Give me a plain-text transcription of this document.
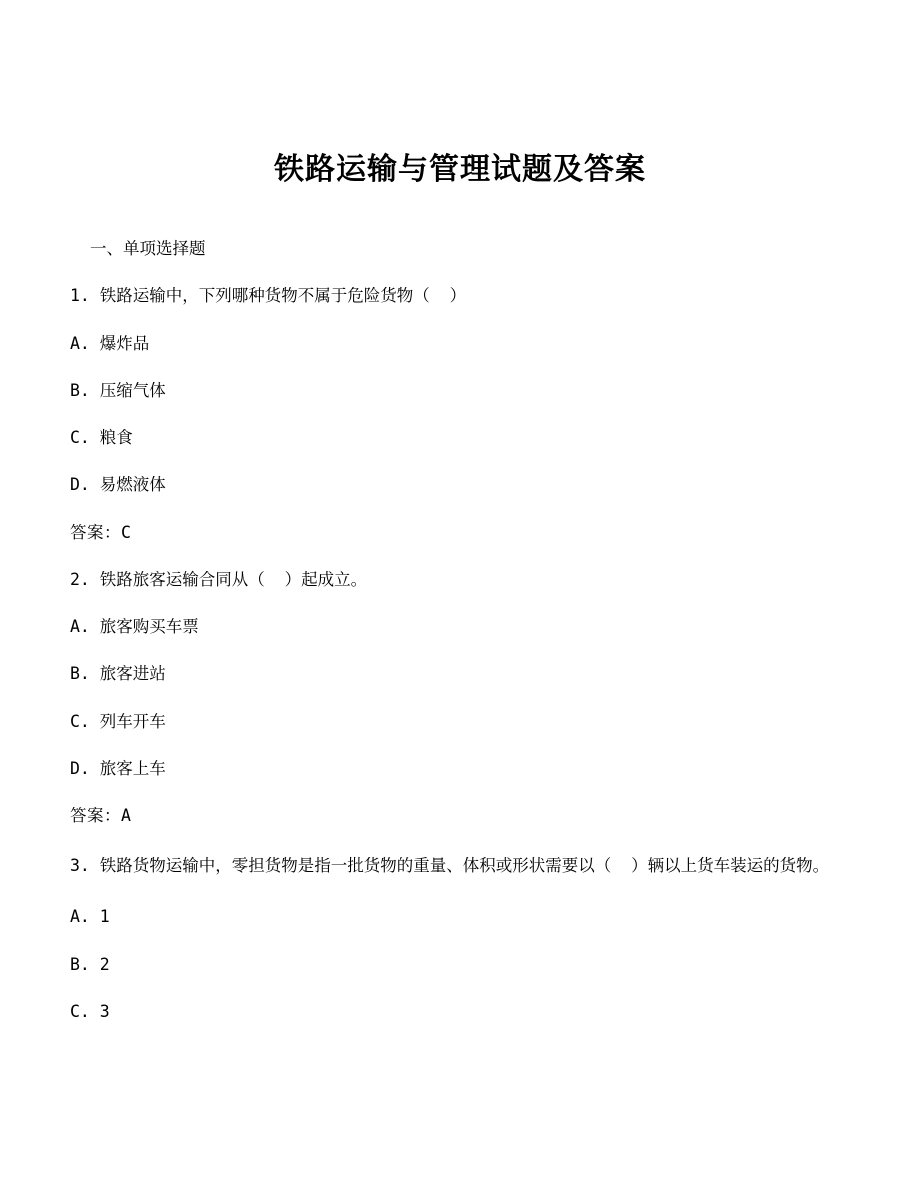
铁路运输与管理试题及答案

一、单项选择题

1. 铁路运输中，下列哪种货物不属于危险货物（  ）

A. 爆炸品

B. 压缩气体

C. 粮食

D. 易燃液体

答案：C

2. 铁路旅客运输合同从（  ）起成立。

A. 旅客购买车票

B. 旅客进站

C. 列车开车

D. 旅客上车

答案：A

3. 铁路货物运输中，零担货物是指一批货物的重量、体积或形状需要以（  ）辆以上货车装运的货物。

A. 1

B. 2

C. 3
